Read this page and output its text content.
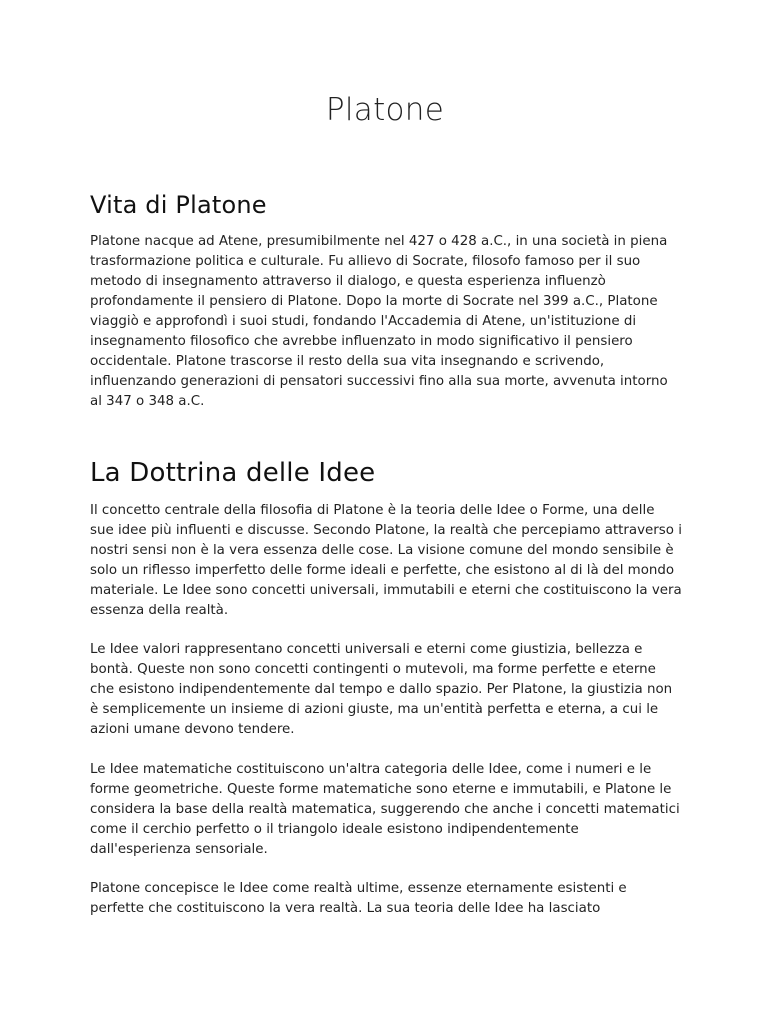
Platone
Vita di Platone

Platone nacque ad Atene, presumibilmente nel 427 o 428 a.C., in una società in piena trasformazione politica e culturale. Fu allievo di Socrate, filosofo famoso per il suo metodo di insegnamento attraverso il dialogo, e questa esperienza influenzò profondamente il pensiero di Platone. Dopo la morte di Socrate nel 399 a.C., Platone viaggiò e approfondì i suoi studi, fondando l'Accademia di Atene, un'istituzione di insegnamento filosofico che avrebbe influenzato in modo significativo il pensiero occidentale. Platone trascorse il resto della sua vita insegnando e scrivendo, influenzando generazioni di pensatori successivi fino alla sua morte, avvenuta intorno al 347 o 348 a.C.

La Dottrina delle Idee

Il concetto centrale della filosofia di Platone è la teoria delle Idee o Forme, una delle sue idee più influenti e discusse. Secondo Platone, la realtà che percepiamo attraverso i nostri sensi non è la vera essenza delle cose. La visione comune del mondo sensibile è solo un riflesso imperfetto delle forme ideali e perfette, che esistono al di là del mondo materiale. Le Idee sono concetti universali, immutabili e eterni che costituiscono la vera essenza della realtà.

Le Idee valori rappresentano concetti universali e eterni come giustizia, bellezza e bontà. Queste non sono concetti contingenti o mutevoli, ma forme perfette e eterne che esistono indipendentemente dal tempo e dallo spazio. Per Platone, la giustizia non è semplicemente un insieme di azioni giuste, ma un'entità perfetta e eterna, a cui le azioni umane devono tendere.

Le Idee matematiche costituiscono un'altra categoria delle Idee, come i numeri e le forme geometriche. Queste forme matematiche sono eterne e immutabili, e Platone le considera la base della realtà matematica, suggerendo che anche i concetti matematici come il cerchio perfetto o il triangolo ideale esistono indipendentemente dall'esperienza sensoriale.

Platone concepisce le Idee come realtà ultime, essenze eternamente esistenti e perfette che costituiscono la vera realtà. La sua teoria delle Idee ha lasciato
